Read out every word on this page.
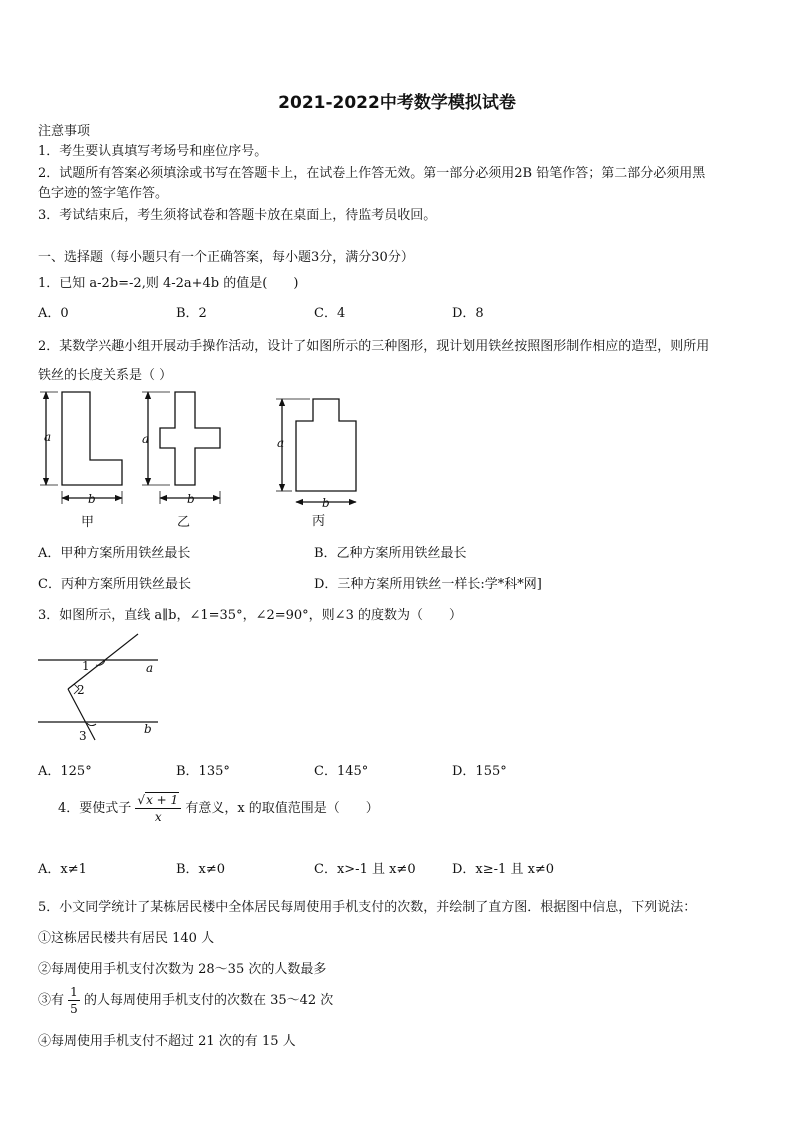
2021-2022中考数学模拟试卷
注意事项
1．考生要认真填写考场号和座位序号。
2．试题所有答案必须填涂或书写在答题卡上，在试卷上作答无效。第一部分必须用2B 铅笔作答；第二部分必须用黑
色字迹的签字笔作答。
3．考试结束后，考生须将试卷和答题卡放在桌面上，待监考员收回。
一、选择题（每小题只有一个正确答案，每小题3分，满分30分）
1．已知 a-2b=-2,则 4-2a+4b 的值是(　　)
A．0	B．2	C．4	D．8
2．某数学兴趣小组开展动手操作活动，设计了如图所示的三种图形，现计划用铁丝按照图形制作相应的造型，则所用
铁丝的长度关系是（ ）
a
b
a
b
a
b
甲	乙	丙
A．甲种方案所用铁丝最长	B．乙种方案所用铁丝最长
C．丙种方案所用铁丝最长	D．三种方案所用铁丝一样长:学*科*网]
3．如图所示，直线 a∥b，∠1=35°，∠2=90°，则∠3 的度数为（　　）
1
2
3
a
b
A．125°	B．135°	C．145°	D．155°
4．要使式子 $\frac{√x + 1}{x}$ 有意义，x 的取值范围是（　　）
A．x≠1	B．x≠0	C．x>-1 且 x≠0	D．x≥-1 且 x≠0
5．小文同学统计了某栋居民楼中全体居民每周使用手机支付的次数，并绘制了直方图．根据图中信息，下列说法：
①这栋居民楼共有居民 140 人
②每周使用手机支付次数为 28～35 次的人数最多
③有 $\frac{1}{5}$ 的人每周使用手机支付的次数在 35～42 次
④每周使用手机支付不超过 21 次的有 15 人
